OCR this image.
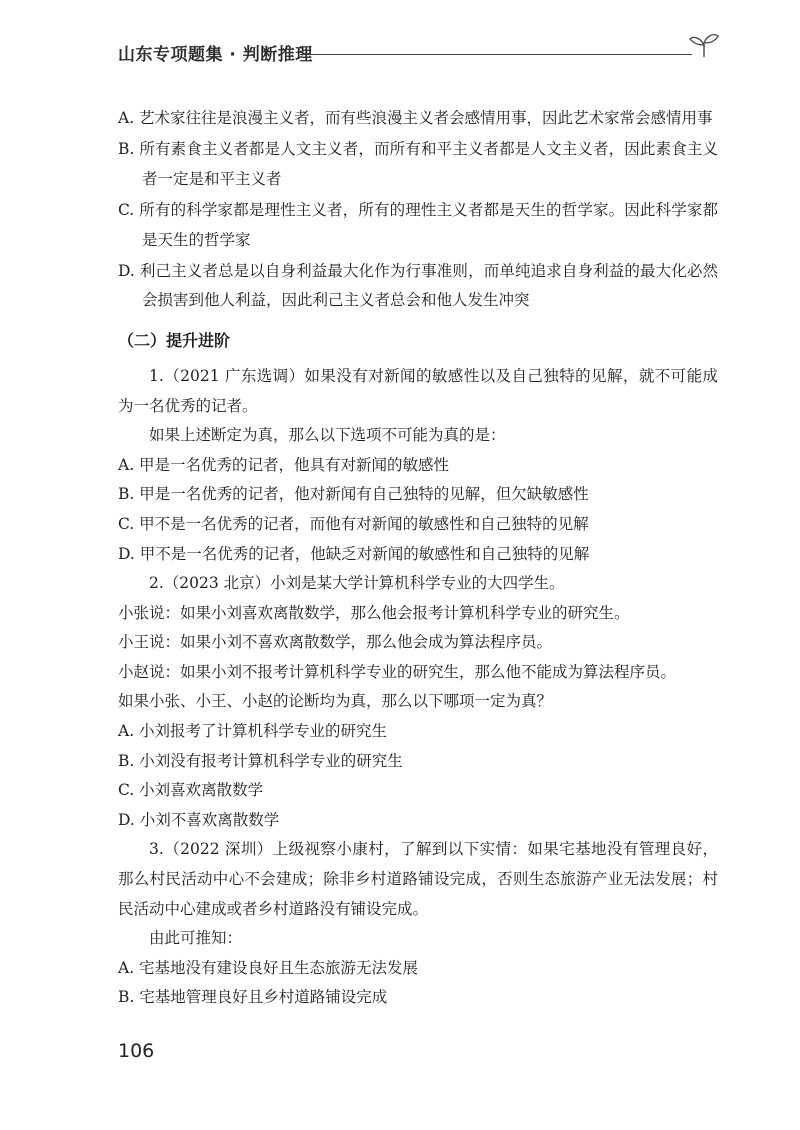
山东专项题集 · 判断推理
A. 艺术家往往是浪漫主义者，而有些浪漫主义者会感情用事，因此艺术家常会感情用事
B. 所有素食主义者都是人文主义者，而所有和平主义者都是人文主义者，因此素食主义者一定是和平主义者
C. 所有的科学家都是理性主义者，所有的理性主义者都是天生的哲学家。因此科学家都是天生的哲学家
D. 利己主义者总是以自身利益最大化作为行事准则，而单纯追求自身利益的最大化必然会损害到他人利益，因此利己主义者总会和他人发生冲突
（二）提升进阶
1.（2021 广东选调）如果没有对新闻的敏感性以及自己独特的见解，就不可能成为一名优秀的记者。
如果上述断定为真，那么以下选项不可能为真的是：
A. 甲是一名优秀的记者，他具有对新闻的敏感性
B. 甲是一名优秀的记者，他对新闻有自己独特的见解，但欠缺敏感性
C. 甲不是一名优秀的记者，而他有对新闻的敏感性和自己独特的见解
D. 甲不是一名优秀的记者，他缺乏对新闻的敏感性和自己独特的见解
2.（2023 北京）小刘是某大学计算机科学专业的大四学生。
小张说：如果小刘喜欢离散数学，那么他会报考计算机科学专业的研究生。
小王说：如果小刘不喜欢离散数学，那么他会成为算法程序员。
小赵说：如果小刘不报考计算机科学专业的研究生，那么他不能成为算法程序员。
如果小张、小王、小赵的论断均为真，那么以下哪项一定为真？
A. 小刘报考了计算机科学专业的研究生
B. 小刘没有报考计算机科学专业的研究生
C. 小刘喜欢离散数学
D. 小刘不喜欢离散数学
3.（2022 深圳）上级视察小康村，了解到以下实情：如果宅基地没有管理良好，那么村民活动中心不会建成；除非乡村道路铺设完成，否则生态旅游产业无法发展；村民活动中心建成或者乡村道路没有铺设完成。
由此可推知：
A. 宅基地没有建设良好且生态旅游无法发展
B. 宅基地管理良好且乡村道路铺设完成
106
